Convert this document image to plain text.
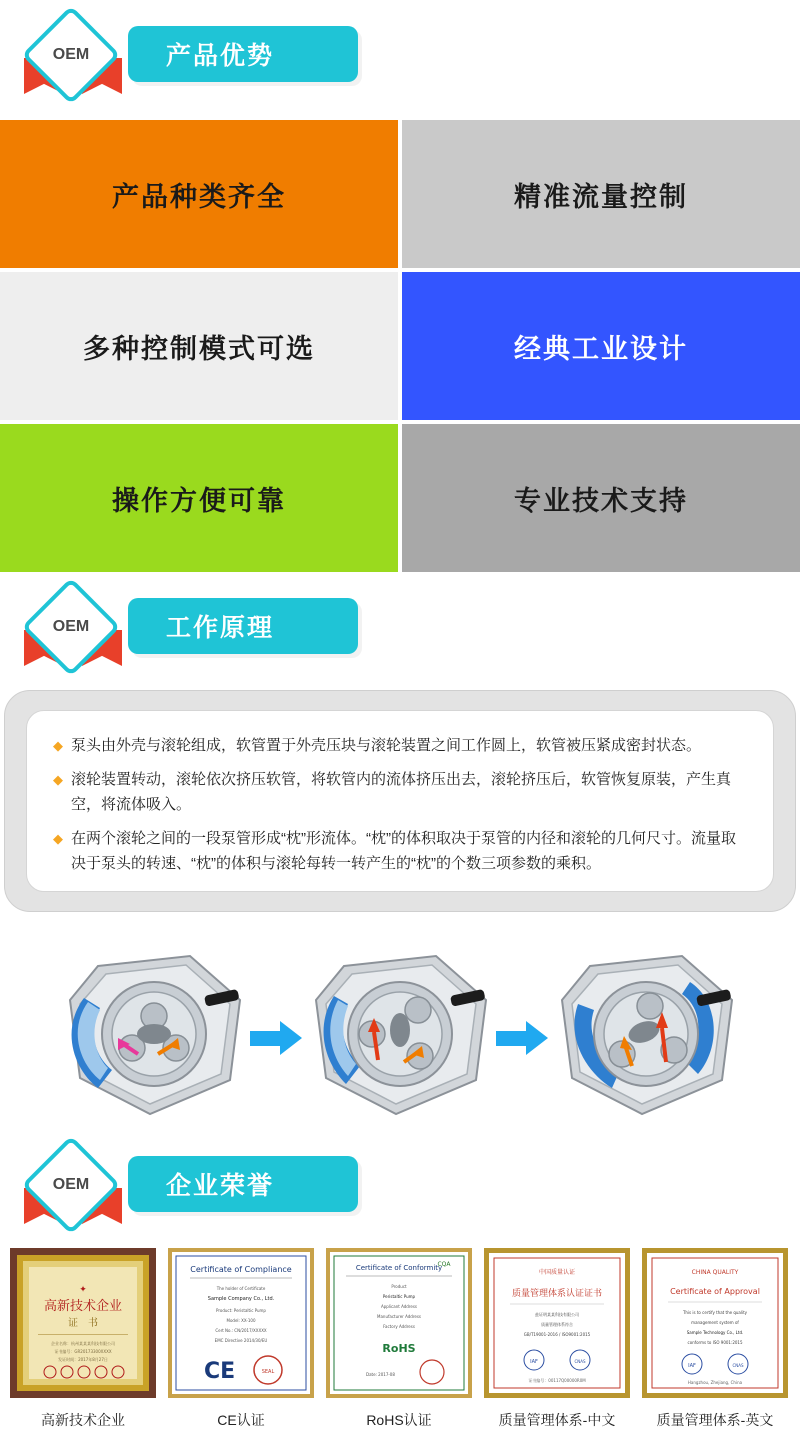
产品优势
OEM
产品种类齐全	精准流量控制
多种控制模式可选	经典工业设计
操作方便可靠	专业技术支持
工作原理
OEM
◆ 泵头由外壳与滚轮组成，软管置于外壳压块与滚轮装置之间工作圆上，软管被压紧成密封状态。
◆ 滚轮装置转动，滚轮依次挤压软管，将软管内的流体挤压出去，滚轮挤压后，软管恢复原装，产生真空，将流体吸入。
◆ 在两个滚轮之间的一段泵管形成“枕”形流体。“枕”的体积取决于泵管的内径和滚轮的几何尺寸。流量取决于泵头的转速、“枕”的体积与滚轮每转一转产生的“枕”的个数三项参数的乘积。
企业荣誉
OEM
✦
高新技术企业
证　书
企业名称：杭州某某某科技有限公司
证书编号：GR20173300XXXX
发证时间：2017年8月27日
高新技术企业
Certificate of Compliance
The holder of Certificate
Sample Company Co., Ltd.
Product: Peristaltic Pump
Model: XX-100
Cert No.: CN/2017/XXXXX
EMC Directive 2014/30/EU
CE	SEAL
CE认证
Certificate of Conformity
CQA
Product
Peristaltic Pump
Applicant Address
Manufacturer Address
Factory Address
RoHS
Date: 2017-08
RoHS认证
中国质量认证
质量管理体系认证证书
兹证明某某科技有限公司
质量管理体系符合
GB/T19001-2016 / ISO9001:2015
IAF	CNAS
证书编号：00117Q00000R0M
质量管理体系-中文
CHINA QUALITY
Certificate of Approval
This is to certify that the quality
management system of
Sample Technology Co., Ltd.
conforms to ISO 9001:2015
IAF	CNAS
Hangzhou, Zhejiang, China
质量管理体系-英文
